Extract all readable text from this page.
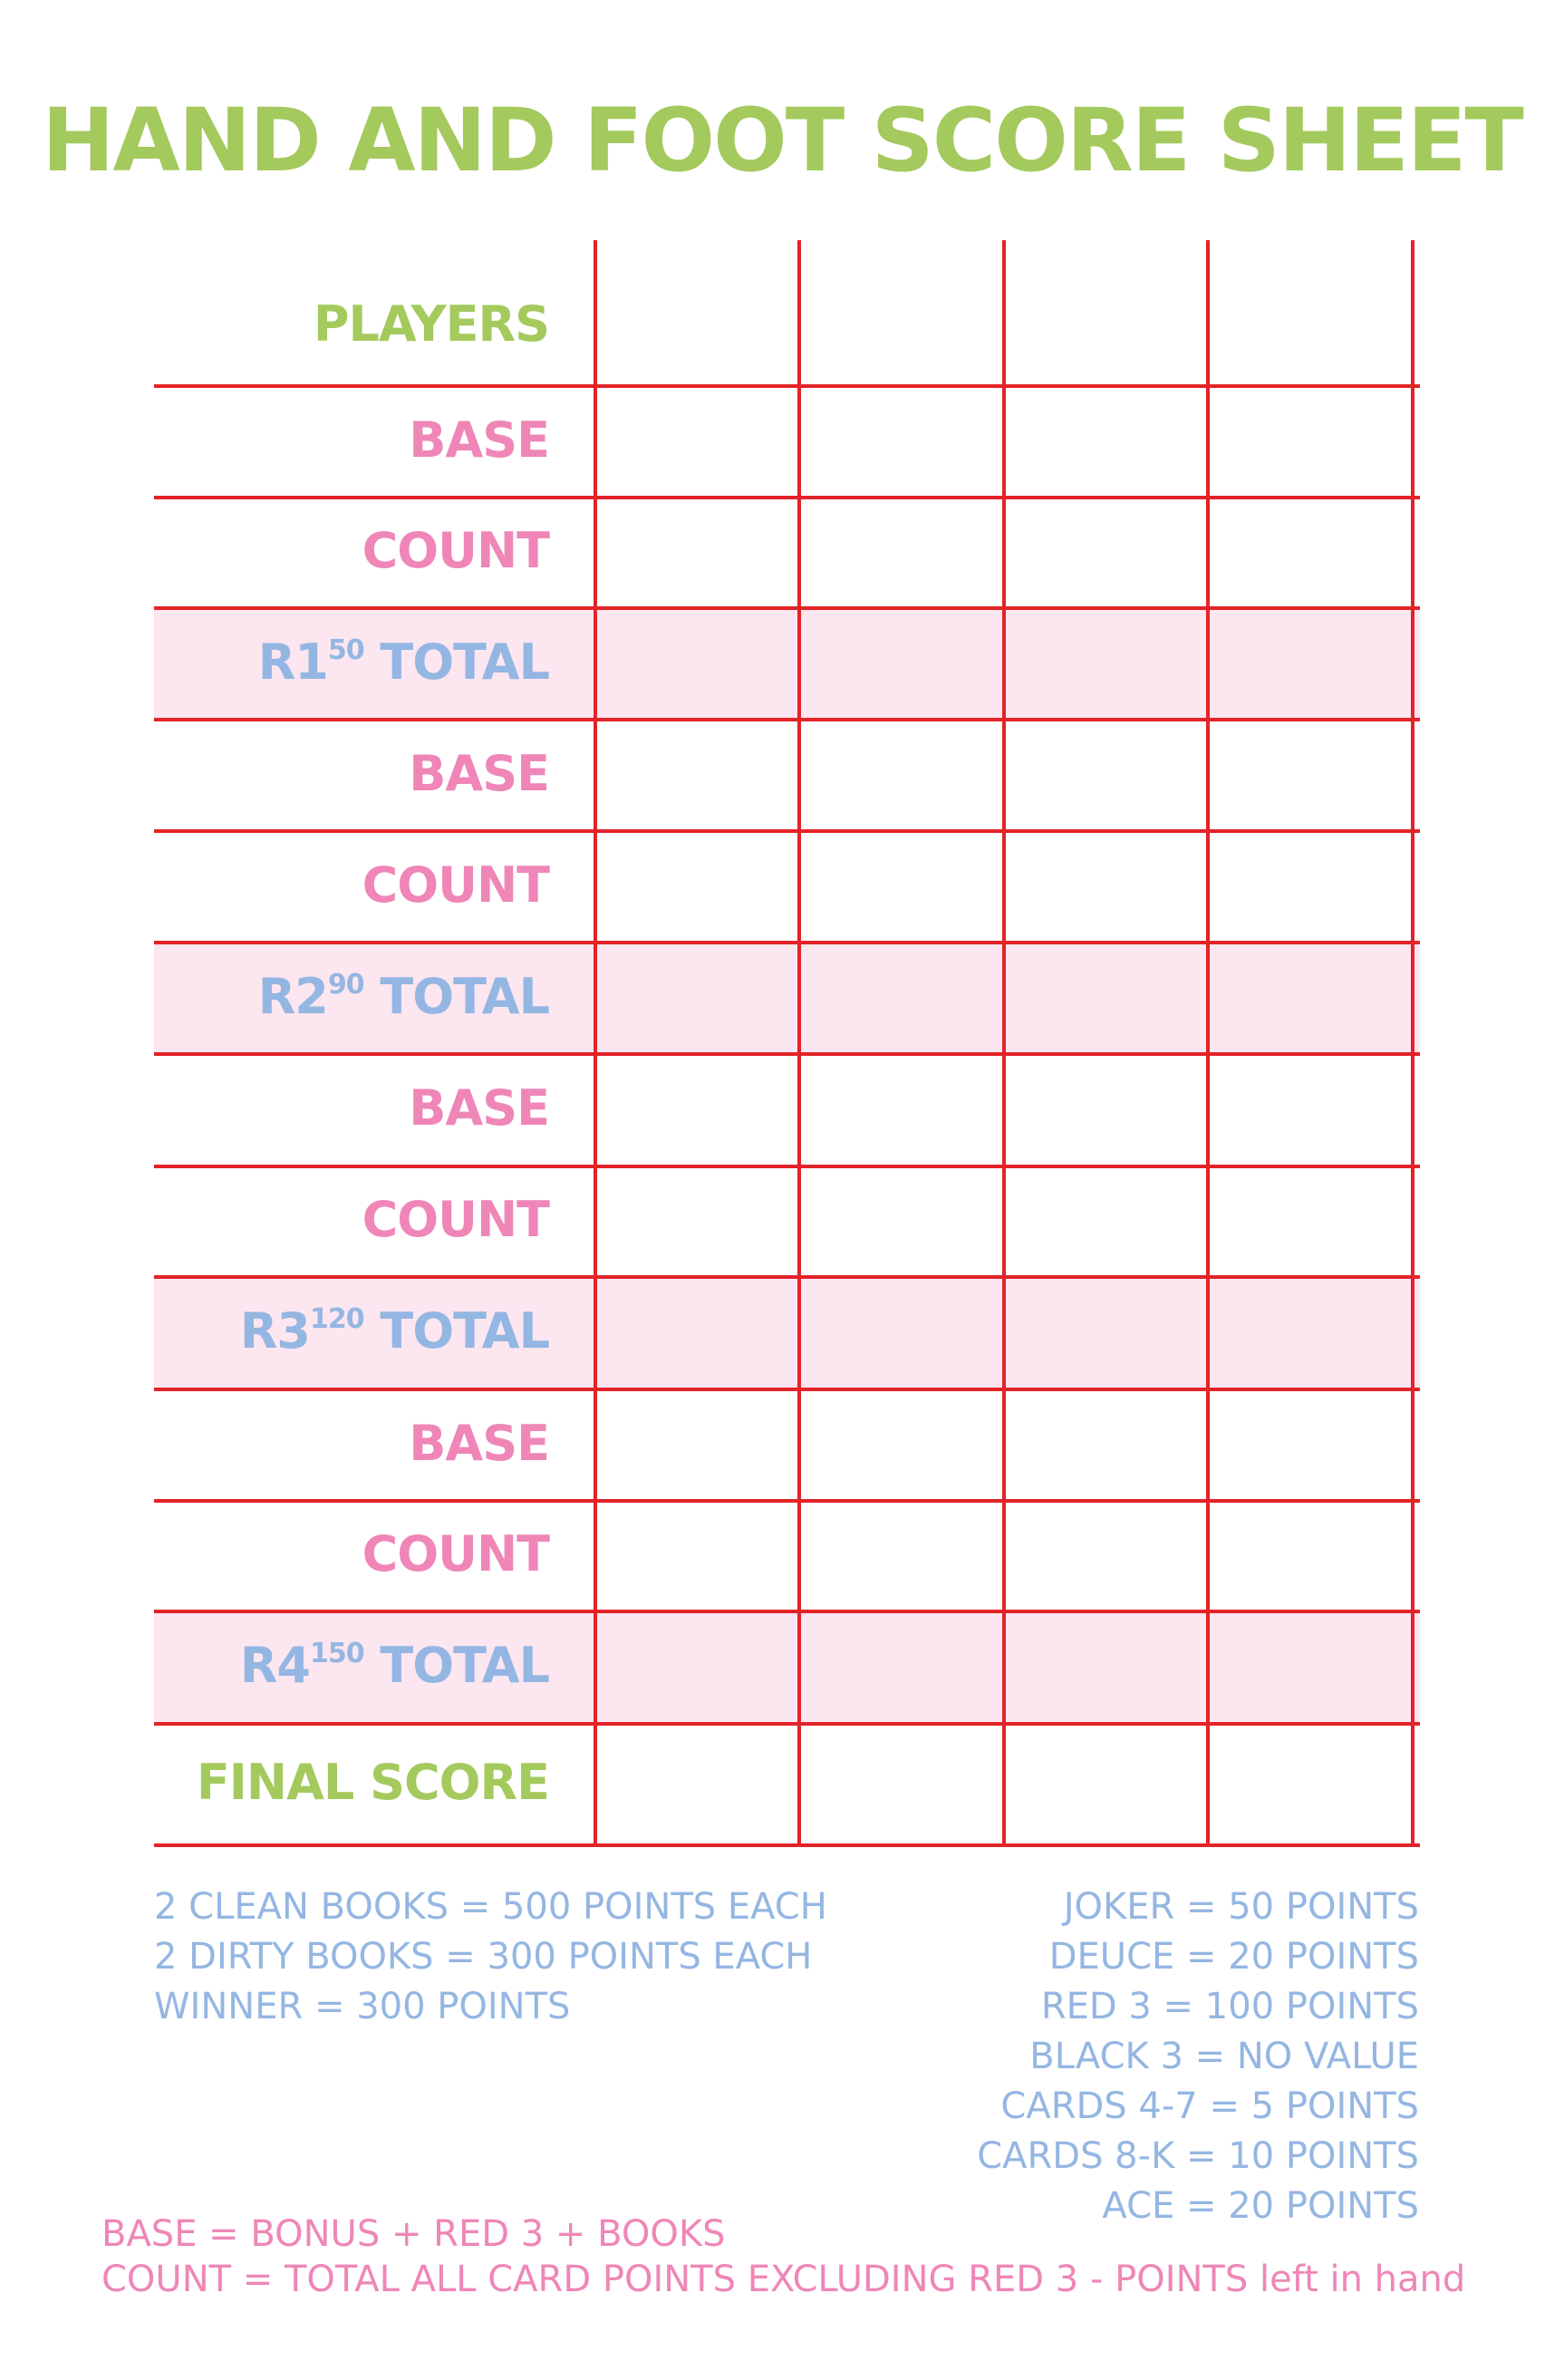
HAND AND FOOT SCORE SHEET
PLAYERS
BASE
COUNT
$R1^{50}$ TOTAL
BASE
COUNT
$R2^{90}$ TOTAL
BASE
COUNT
$R3^{120}$ TOTAL
BASE
COUNT
$R4^{150}$ TOTAL
FINAL SCORE
2 CLEAN BOOKS = 500 POINTS EACH
2 DIRTY BOOKS = 300 POINTS EACH
WINNER = 300 POINTS
JOKER = 50 POINTS
DEUCE = 20 POINTS
RED 3 = 100 POINTS
BLACK 3 = NO VALUE
CARDS 4-7 = 5 POINTS
CARDS 8-K = 10 POINTS
ACE = 20 POINTS
BASE = BONUS + RED 3 + BOOKS
COUNT = TOTAL ALL CARD POINTS EXCLUDING RED 3 - POINTS left in hand
